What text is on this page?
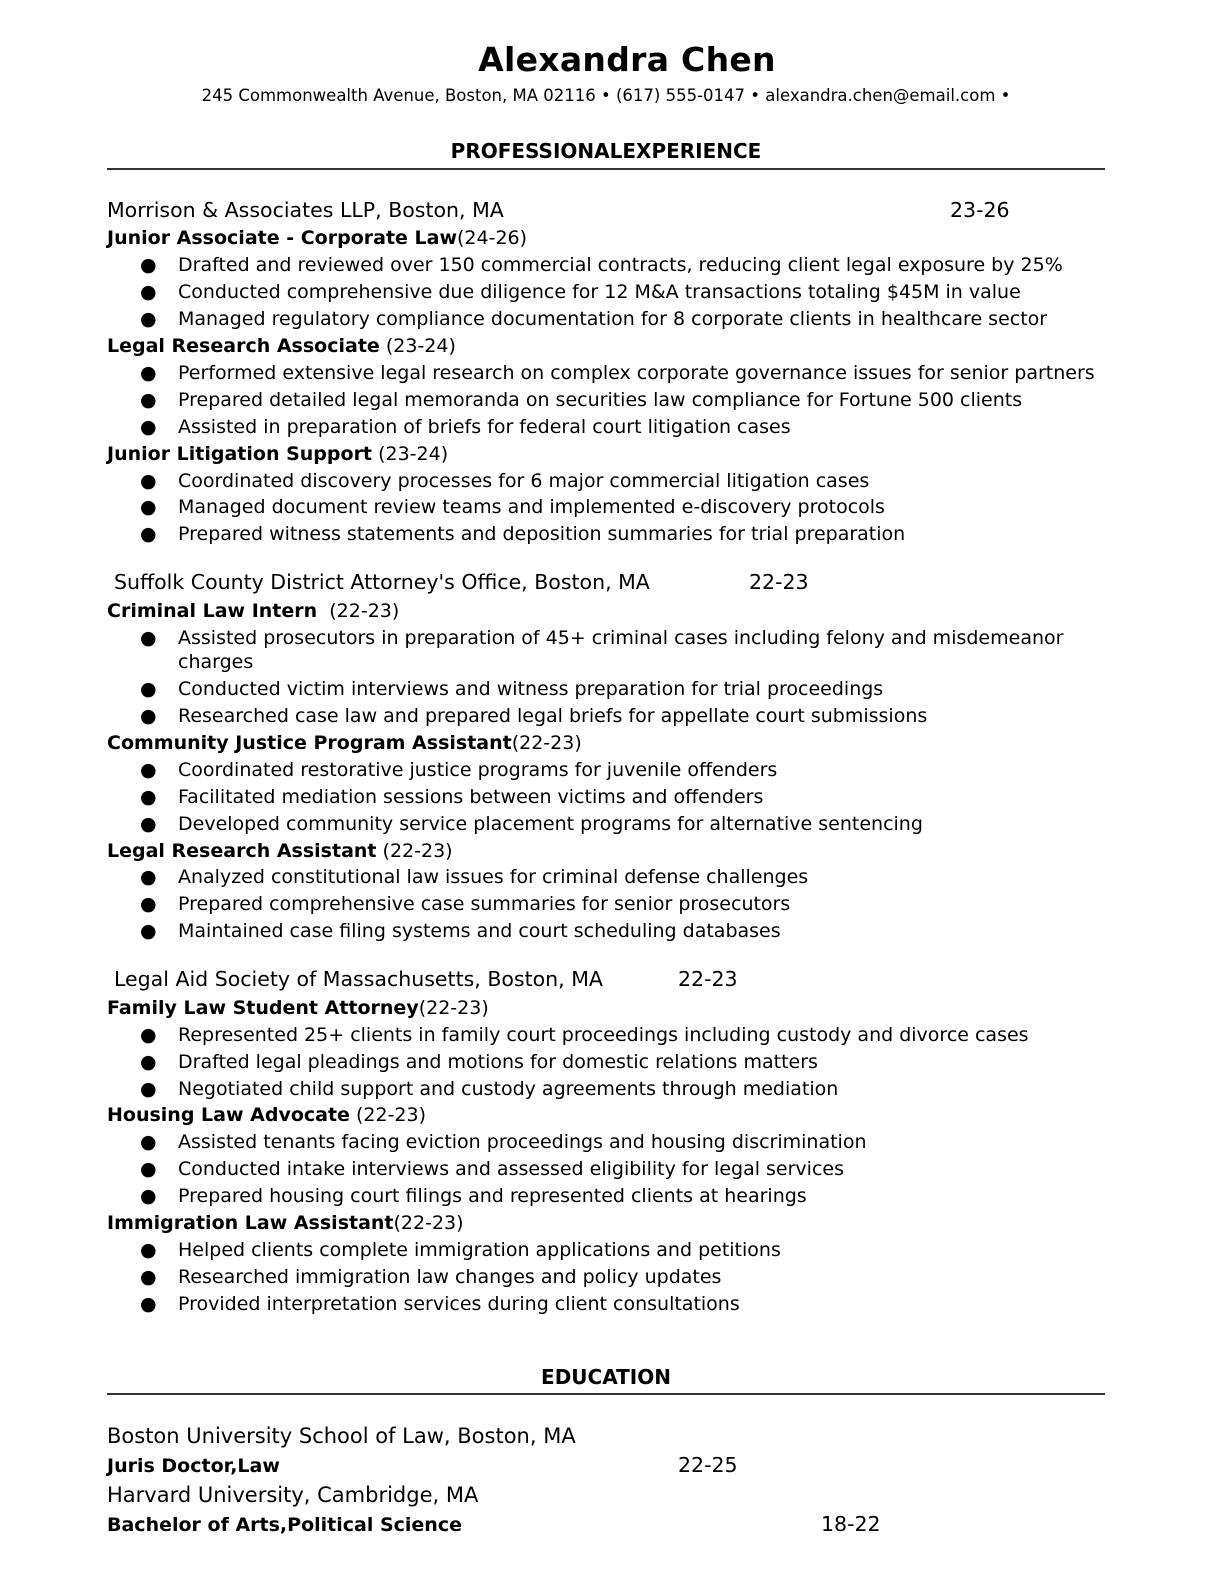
Alexandra Chen
245 Commonwealth Avenue, Boston, MA 02116 • (617) 555-0147 • alexandra.chen@email.com •
PROFESSIONALEXPERIENCE
Morrison & Associates LLP, Boston, MA	23-26
Junior Associate - Corporate Law(24-26)
● Drafted and reviewed over 150 commercial contracts, reducing client legal exposure by 25%
● Conducted comprehensive due diligence for 12 M&A transactions totaling $45M in value
● Managed regulatory compliance documentation for 8 corporate clients in healthcare sector
Legal Research Associate (23-24)
● Performed extensive legal research on complex corporate governance issues for senior partners
● Prepared detailed legal memoranda on securities law compliance for Fortune 500 clients
● Assisted in preparation of briefs for federal court litigation cases
Junior Litigation Support (23-24)
● Coordinated discovery processes for 6 major commercial litigation cases
● Managed document review teams and implemented e-discovery protocols
● Prepared witness statements and deposition summaries for trial preparation
Suffolk County District Attorney's Office, Boston, MA	22-23
Criminal Law Intern  (22-23)
● Assisted prosecutors in preparation of 45+ criminal cases including felony and misdemeanor
charges
● Conducted victim interviews and witness preparation for trial proceedings
● Researched case law and prepared legal briefs for appellate court submissions
Community Justice Program Assistant(22-23)
● Coordinated restorative justice programs for juvenile offenders
● Facilitated mediation sessions between victims and offenders
● Developed community service placement programs for alternative sentencing
Legal Research Assistant (22-23)
● Analyzed constitutional law issues for criminal defense challenges
● Prepared comprehensive case summaries for senior prosecutors
● Maintained case filing systems and court scheduling databases
Legal Aid Society of Massachusetts, Boston, MA	22-23
Family Law Student Attorney(22-23)
● Represented 25+ clients in family court proceedings including custody and divorce cases
● Drafted legal pleadings and motions for domestic relations matters
● Negotiated child support and custody agreements through mediation
Housing Law Advocate (22-23)
● Assisted tenants facing eviction proceedings and housing discrimination
● Conducted intake interviews and assessed eligibility for legal services
● Prepared housing court filings and represented clients at hearings
Immigration Law Assistant(22-23)
● Helped clients complete immigration applications and petitions
● Researched immigration law changes and policy updates
● Provided interpretation services during client consultations
EDUCATION
Boston University School of Law, Boston, MA
Juris Doctor,Law	22-25
Harvard University, Cambridge, MA
Bachelor of Arts,Political Science	18-22
